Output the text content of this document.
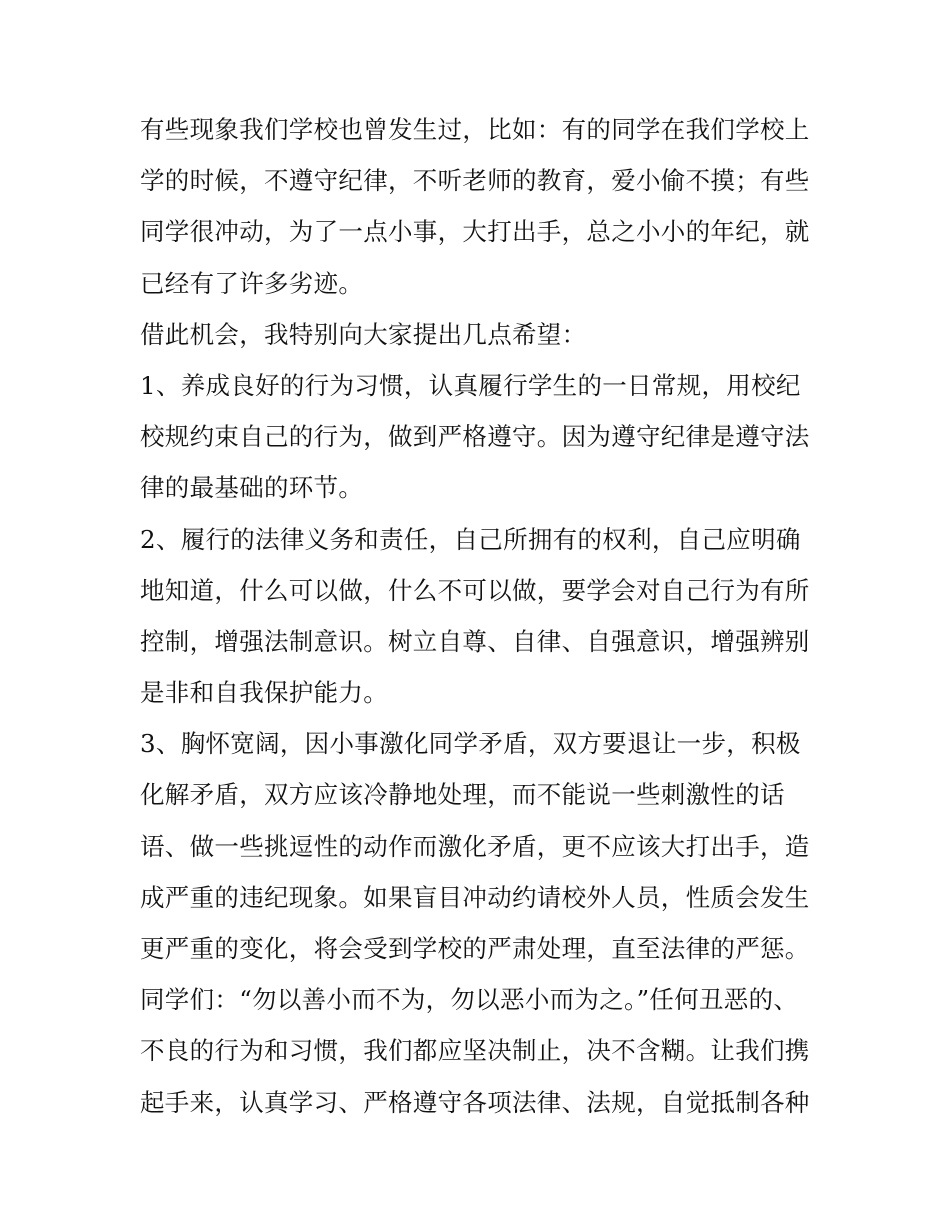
有些现象我们学校也曾发生过，比如：有的同学在我们学校上
学的时候，不遵守纪律，不听老师的教育，爱小偷不摸；有些
同学很冲动，为了一点小事，大打出手，总之小小的年纪，就
已经有了许多劣迹。
借此机会，我特别向大家提出几点希望：
1、养成良好的行为习惯，认真履行学生的一日常规，用校纪
校规约束自己的行为，做到严格遵守。因为遵守纪律是遵守法
律的最基础的环节。
2、履行的法律义务和责任，自己所拥有的权利，自己应明确
地知道，什么可以做，什么不可以做，要学会对自己行为有所
控制，增强法制意识。树立自尊、自律、自强意识，增强辨别
是非和自我保护能力。
3、胸怀宽阔，因小事激化同学矛盾，双方要退让一步，积极
化解矛盾，双方应该冷静地处理，而不能说一些刺激性的话
语、做一些挑逗性的动作而激化矛盾，更不应该大打出手，造
成严重的违纪现象。如果盲目冲动约请校外人员，性质会发生
更严重的变化，将会受到学校的严肃处理，直至法律的严惩。
同学们：“勿以善小而不为，勿以恶小而为之。”任何丑恶的、
不良的行为和习惯，我们都应坚决制止，决不含糊。让我们携
起手来，认真学习、严格遵守各项法律、法规，自觉抵制各种
